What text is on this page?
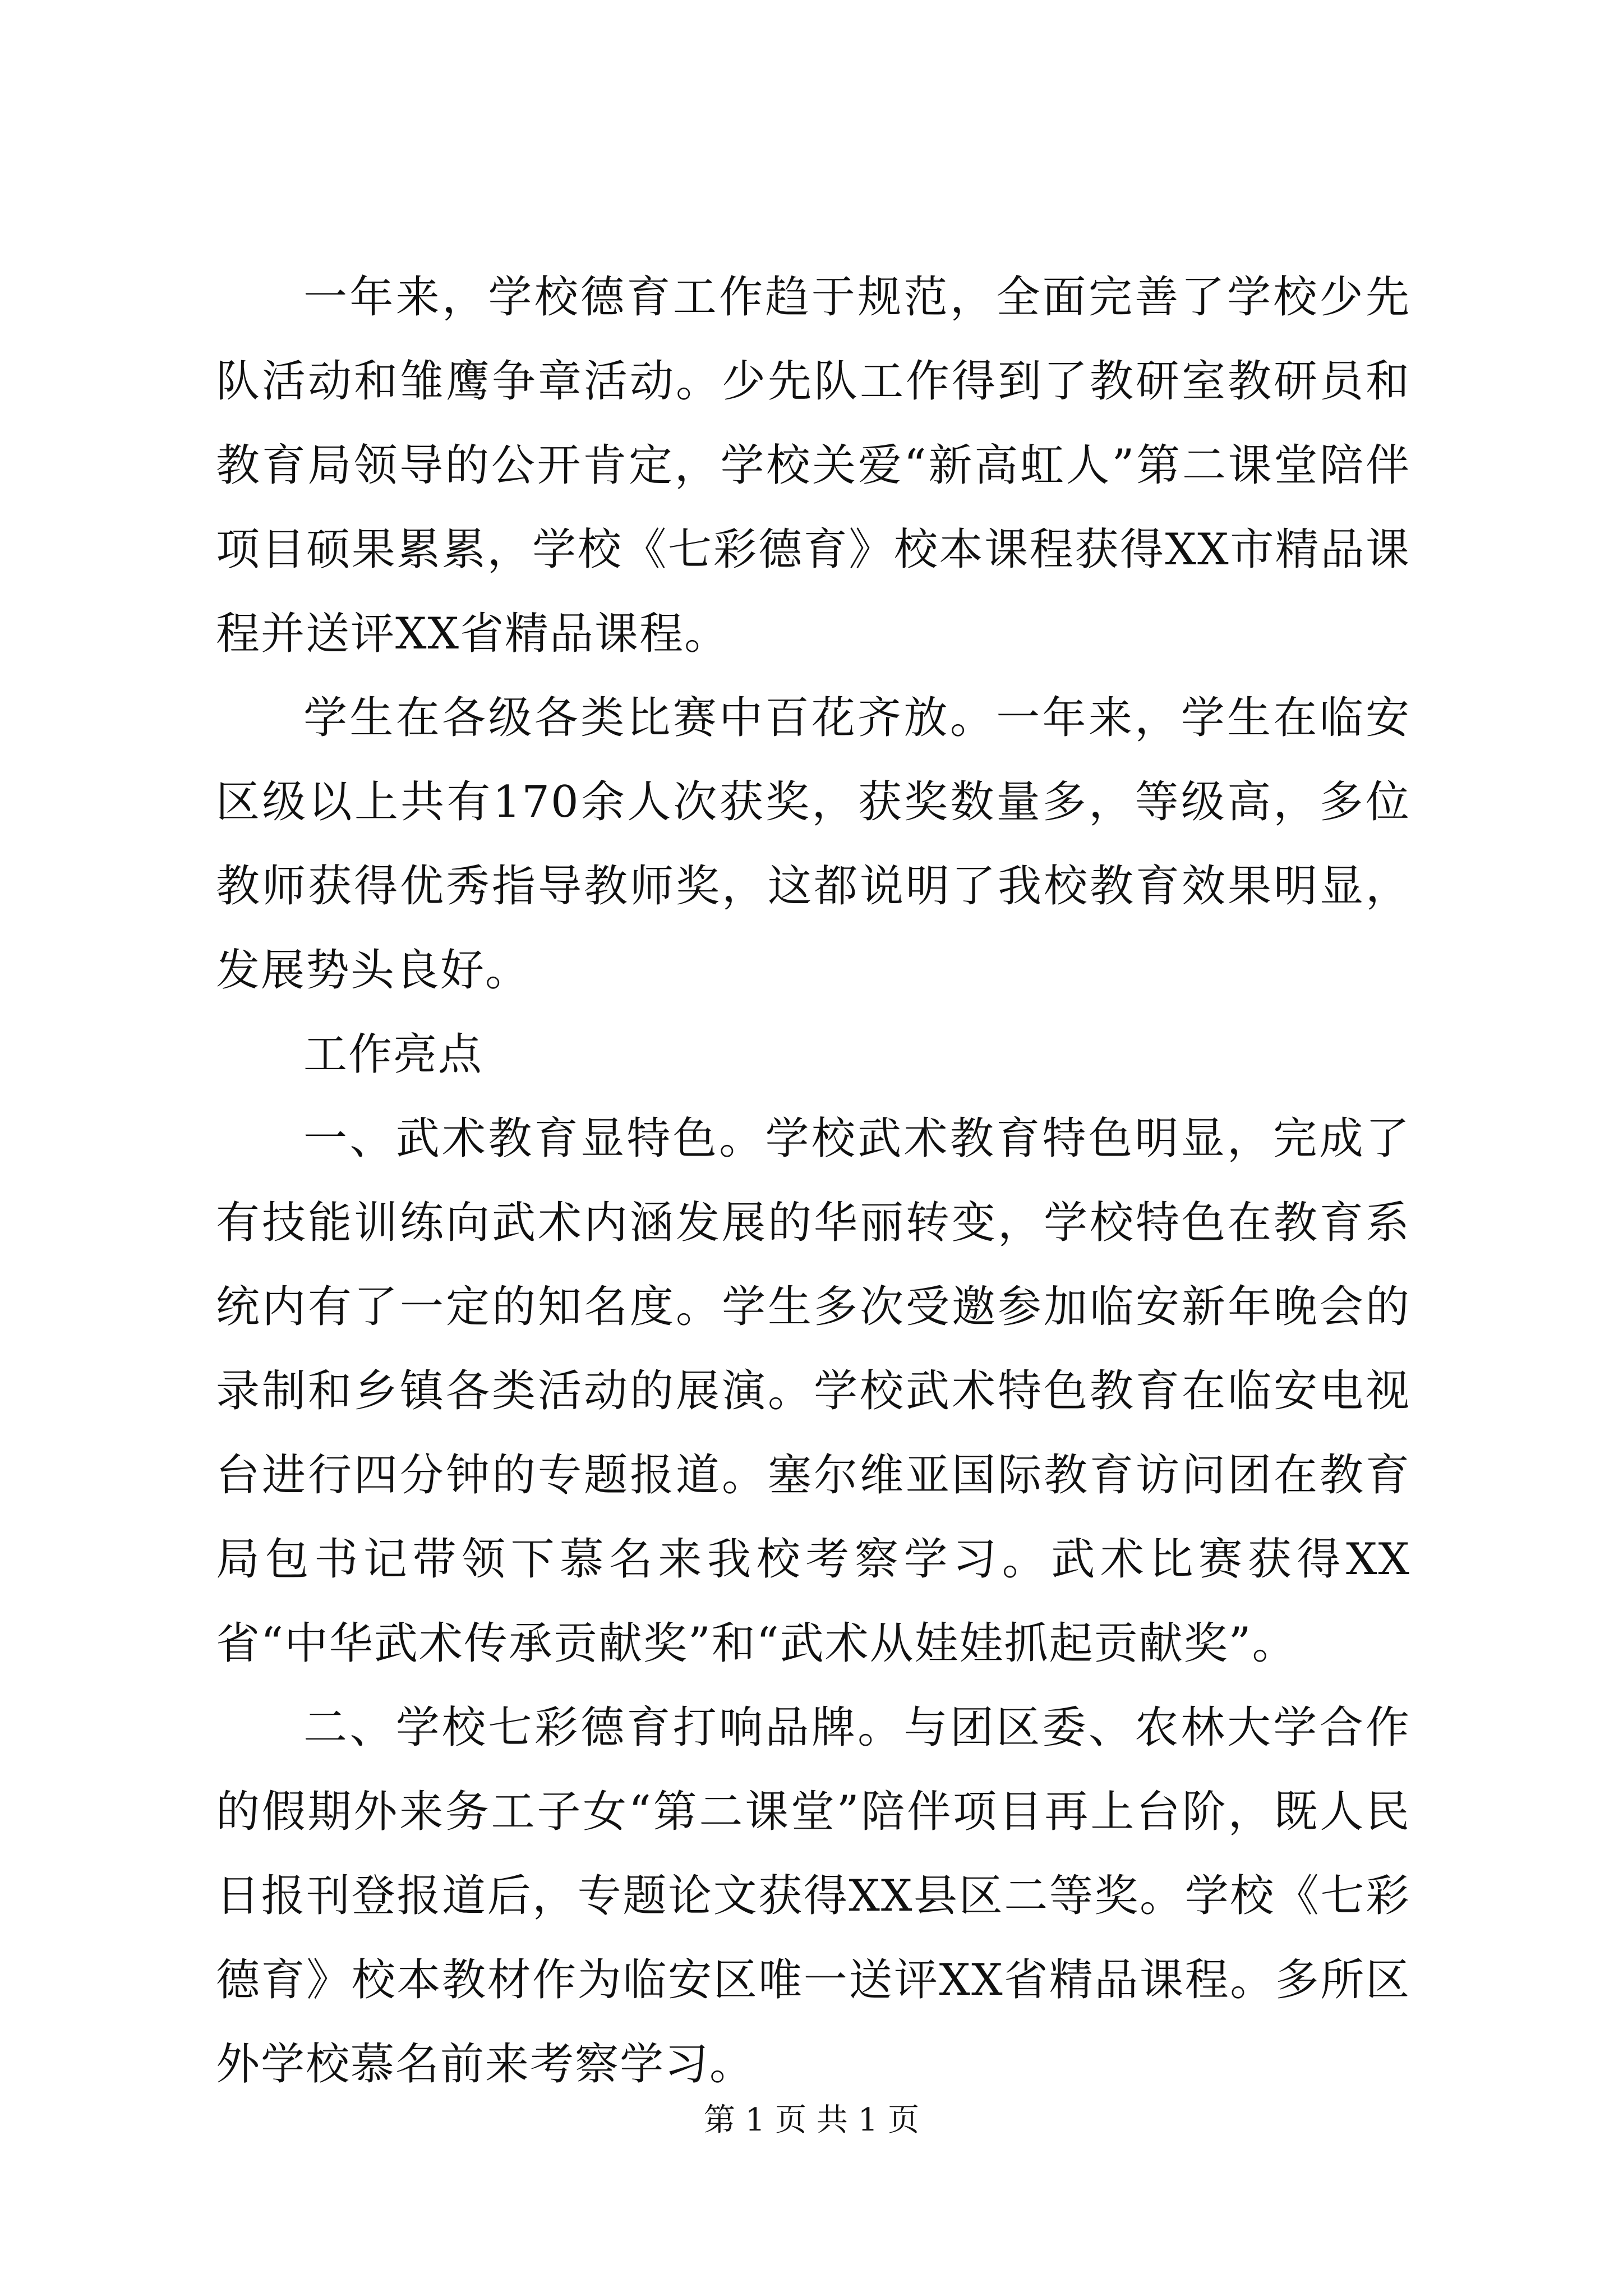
一年来，学校德育工作趋于规范，全面完善了学校少先队活动和雏鹰争章活动。少先队工作得到了教研室教研员和教育局领导的公开肯定，学校关爱“新高虹人”第二课堂陪伴项目硕果累累，学校《七彩德育》校本课程获得XX市精品课程并送评XX省精品课程。

学生在各级各类比赛中百花齐放。一年来，学生在临安区级以上共有170余人次获奖，获奖数量多，等级高，多位教师获得优秀指导教师奖，这都说明了我校教育效果明显，发展势头良好。

工作亮点

一、武术教育显特色。学校武术教育特色明显，完成了有技能训练向武术内涵发展的华丽转变，学校特色在教育系统内有了一定的知名度。学生多次受邀参加临安新年晚会的录制和乡镇各类活动的展演。学校武术特色教育在临安电视台进行四分钟的专题报道。塞尔维亚国际教育访问团在教育局包书记带领下慕名来我校考察学习。武术比赛获得XX省“中华武术传承贡献奖”和“武术从娃娃抓起贡献奖”。

二、学校七彩德育打响品牌。与团区委、农林大学合作的假期外来务工子女“第二课堂”陪伴项目再上台阶，既人民日报刊登报道后，专题论文获得XX县区二等奖。学校《七彩德育》校本教材作为临安区唯一送评XX省精品课程。多所区外学校慕名前来考察学习。

第 1 页 共 1 页
